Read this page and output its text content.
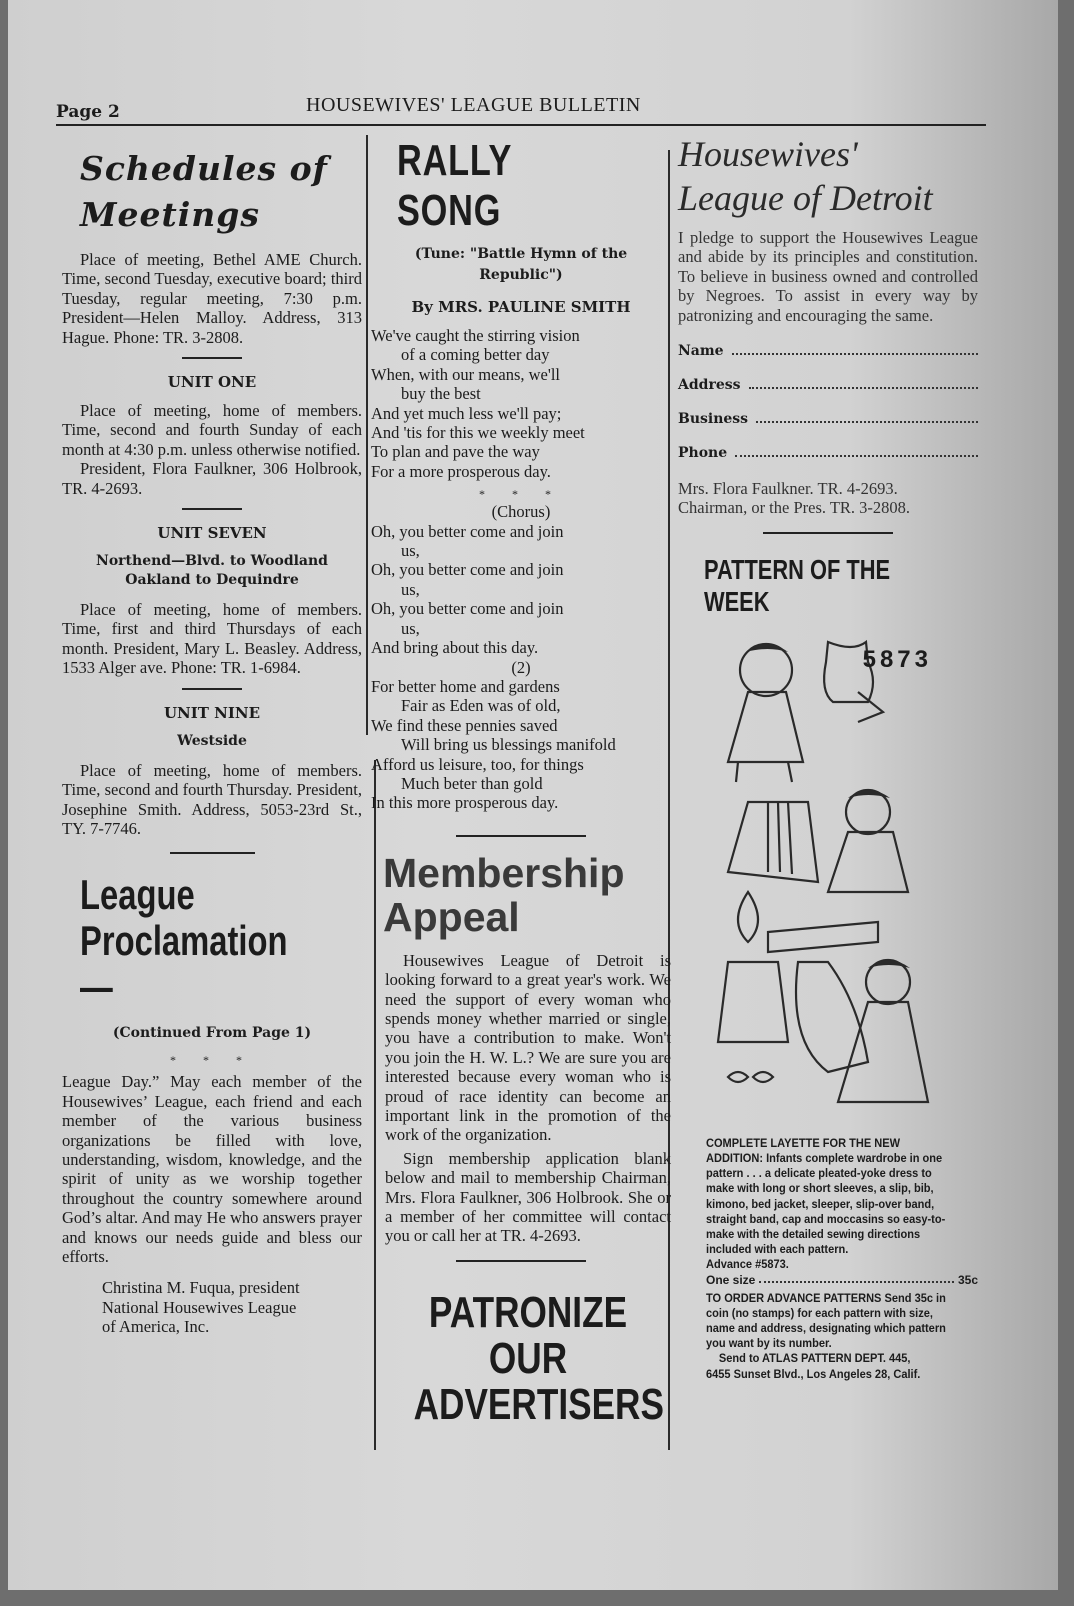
Page 2	HOUSEWIVES' LEAGUE BULLETIN
Schedules of
Meetings

Place of meeting, Bethel AME Church. Time, second Tuesday, executive board; third Tuesday, regular meeting, 7:30 p.m. President—Helen Malloy. Address, 313 Hague. Phone: TR. 3-2808.

UNIT ONE

Place of meeting, home of members. Time, second and fourth Sunday of each month at 4:30 p.m. unless otherwise notified.

President, Flora Faulkner, 306 Holbrook, TR. 4-2693.

UNIT SEVEN
Northend—Blvd. to Woodland Oakland to Dequindre

Place of meeting, home of members. Time, first and third Thursdays of each month. President, Mary L. Beasley. Address, 1533 Alger ave. Phone: TR. 1-6984.

UNIT NINE
Westside

Place of meeting, home of members. Time, second and fourth Thursday. President, Josephine Smith. Address, 5053-23rd St., TY. 7-7746.

League
Proclamation—
(Continued From Page 1)
* * *

League Day.” May each member of the Housewives’ League, each friend and each member of the various business organizations be filled with love, understanding, wisdom, knowledge, and the spirit of unity as we worship together throughout the country somewhere around God’s altar. And may He who answers prayer and knows our needs guide and bless our efforts.

Christina M. Fuqua, president

National Housewives League

of America, Inc.

RALLY SONG
(Tune: "Battle Hymn of the Republic")
By MRS. PAULINE SMITH

We've caught the stirring vision

of a coming better day

When, with our means, we'll

buy the best

And yet much less we'll pay;

And 'tis for this we weekly meet

To plan and pave the way

For a more prosperous day.

* * *

(Chorus)

Oh, you better come and join

us,

Oh, you better come and join

us,

Oh, you better come and join

us,

And bring about this day.

(2)

For better home and gardens

Fair as Eden was of old,

We find these pennies saved

Will bring us blessings manifold

Afford us leisure, too, for things

Much beter than gold

In this more prosperous day.

Membership
Appeal

Housewives League of Detroit is looking forward to a great year's work. We need the support of every woman who spends money whether married or single, you have a contribution to make. Won't you join the H. W. L.? We are sure you are interested because every woman who is proud of race identity can become an important link in the promotion of the work of the organization.

Sign membership application blank below and mail to membership Chairman, Mrs. Flora Faulkner, 306 Holbrook. She or a member of her committee will contact you or call her at TR. 4-2693.

PATRONIZE OUR
ADVERTISERS
Housewives'
League of Detroit

I pledge to support the Housewives League and abide by its principles and constitution. To believe in business owned and controlled by Negroes. To assist in every way by patronizing and encouraging the same.

Name
Address
Business
Phone

Mrs. Flora Faulkner. TR. 4-2693.

Chairman, or the Pres. TR. 3-2808.

PATTERN OF THE WEEK
5873

COMPLETE LAYETTE FOR THE NEW ADDITION: Infants complete wardrobe in one pattern . . . a delicate pleated-yoke dress to make with long or short sleeves, a slip, bib, kimono, bed jacket, sleeper, slip-over band, straight band, cap and moccasins so easy-to-make with the detailed sewing directions included with each pattern.

Advance #5873.

One size	35c

TO ORDER ADVANCE PATTERNS Send 35c in coin (no stamps) for each pattern with size, name and address, designating which pattern you want by its number.

Send to ATLAS PATTERN DEPT. 445,

6455 Sunset Blvd., Los Angeles 28, Calif.
